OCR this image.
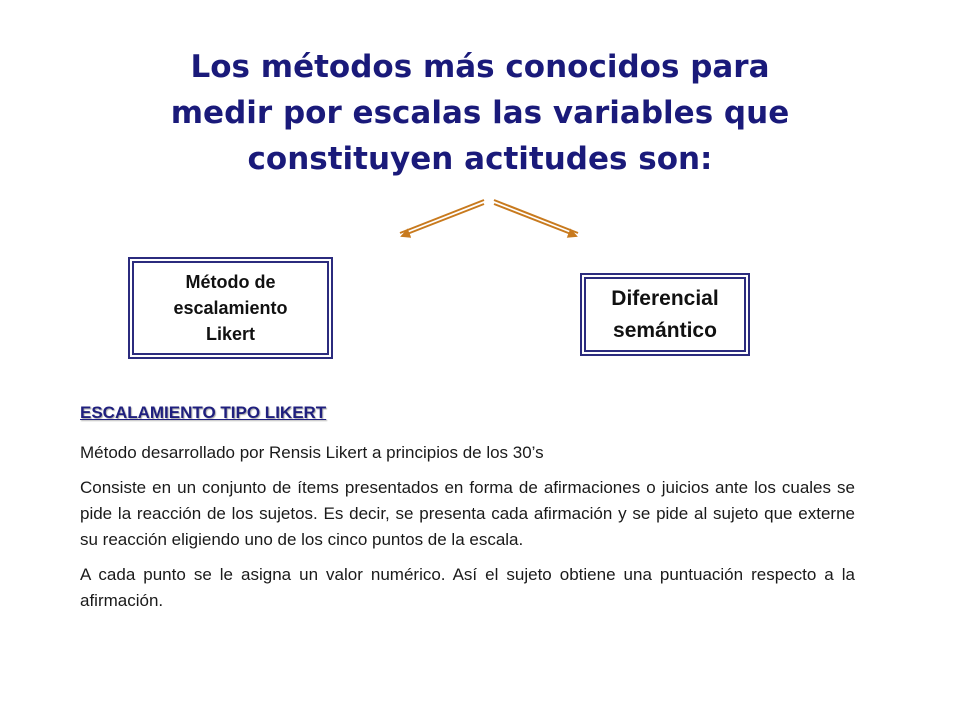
Los métodos más conocidos para
medir por escalas las variables que
constituyen actitudes son:
Método de
escalamiento
Likert
Diferencial
semántico
ESCALAMIENTO TIPO LIKERT

Método desarrollado por Rensis Likert a principios de los 30’s

Consiste en un conjunto de ítems presentados en forma de afirmaciones o juicios ante los cuales se pide la reacción de los sujetos. Es decir, se presenta cada afirmación y se pide al sujeto que externe su reacción eligiendo uno de los cinco puntos de la escala.

A cada punto se le asigna un valor numérico. Así el sujeto obtiene una puntuación respecto a la afirmación.
